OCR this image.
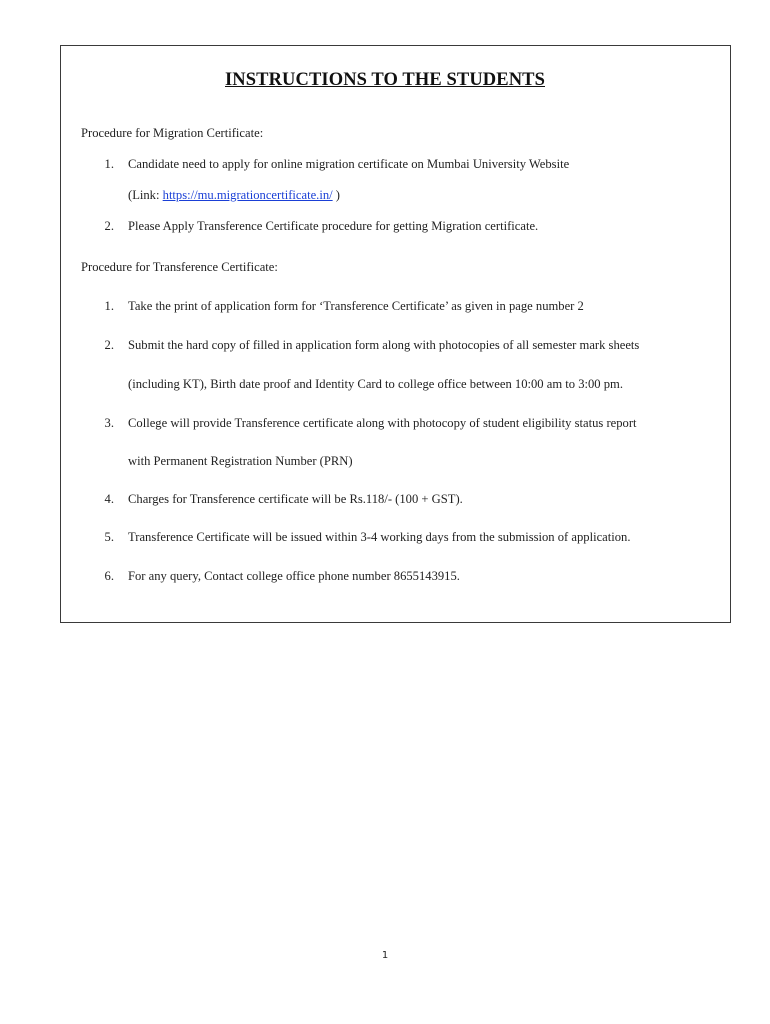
INSTRUCTIONS TO THE STUDENTS
Procedure for Migration Certificate:
1. Candidate need to apply for online migration certificate on Mumbai University Website
(Link: https://mu.migrationcertificate.in/ )
2. Please Apply Transference Certificate procedure for getting Migration certificate.
Procedure for Transference Certificate:
1. Take the print of application form for ‘Transference Certificate’ as given in page number 2
2. Submit the hard copy of filled in application form along with photocopies of all semester mark sheets
(including KT), Birth date proof and Identity Card to college office between 10:00 am to 3:00 pm.
3. College will provide Transference certificate along with photocopy of student eligibility status report
with Permanent Registration Number (PRN)
4. Charges for Transference certificate will be Rs.118/- (100 + GST).
5. Transference Certificate will be issued within 3-4 working days from the submission of application.
6. For any query, Contact college office phone number 8655143915.
1
